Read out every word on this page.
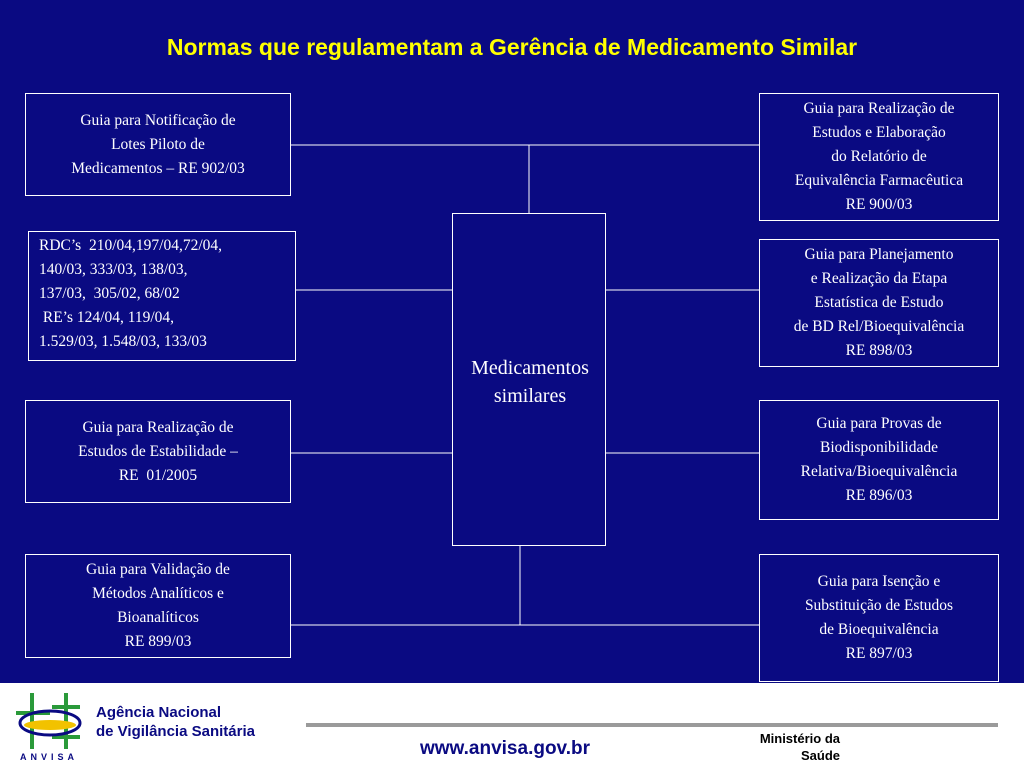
Normas que regulamentam a Gerência de Medicamento Similar
Guia para Notificação de
Lotes Piloto de
Medicamentos – RE 902/03
RDC’s  210/04,197/04,72/04,
140/03, 333/03, 138/03,
137/03,  305/02, 68/02
RE’s 124/04, 119/04,
1.529/03, 1.548/03, 133/03
Guia para Realização de
Estudos de Estabilidade –
RE  01/2005
Guia para Validação de
Métodos Analíticos e
Bioanalíticos
RE 899/03
Medicamentos
similares
Guia para Realização de
Estudos e Elaboração
do Relatório de
Equivalência Farmacêutica
RE 900/03
Guia para Planejamento
e Realização da Etapa
Estatística de Estudo
de BD Rel/Bioequivalência
RE 898/03
Guia para Provas de
Biodisponibilidade
Relativa/Bioequivalência
RE 896/03
Guia para Isenção e
Substituição de Estudos
de Bioequivalência
RE 897/03
ANVISA
Agência Nacional
de Vigilância Sanitária
www.anvisa.gov.br	Ministério da
Saúde
